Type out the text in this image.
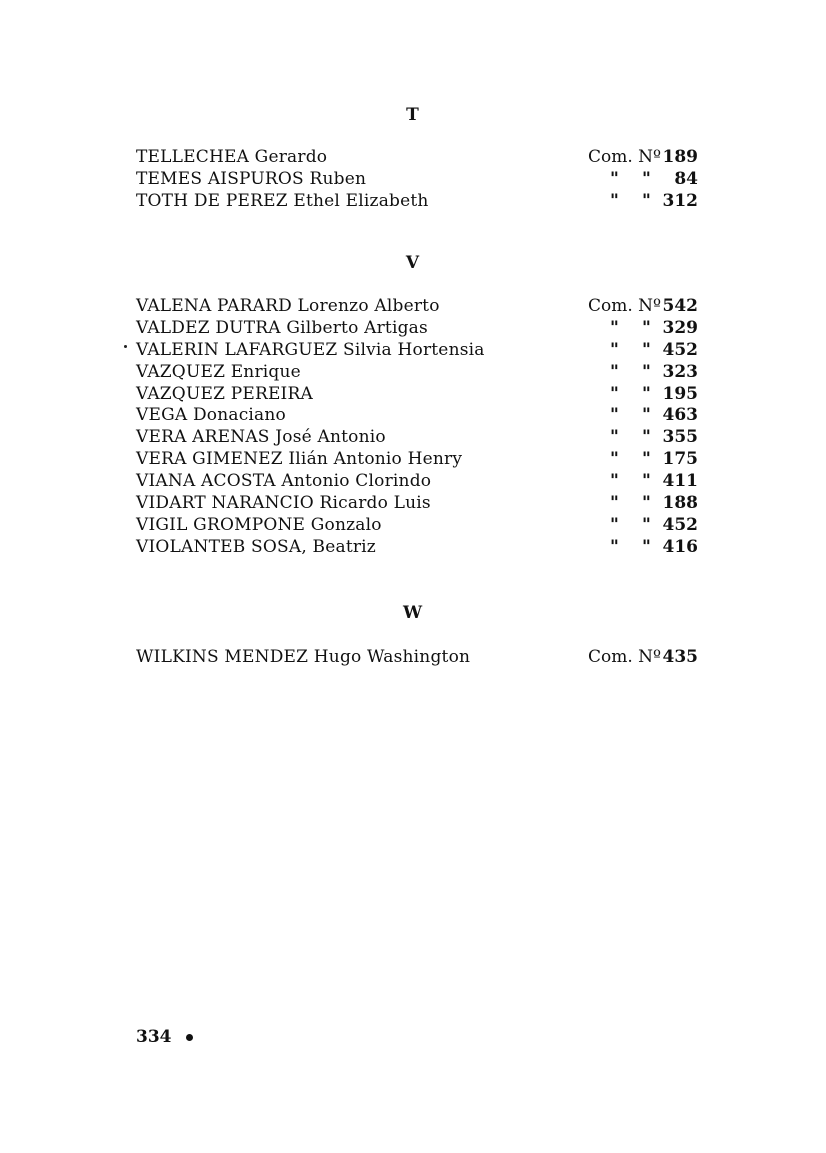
T
TELLECHEA Gerardo	Com. Nº 189
TEMES AISPUROS Ruben	" " 84
TOTH DE PEREZ Ethel Elizabeth	" " 312
V
VALENA PARARD Lorenzo Alberto	Com. Nº 542
VALDEZ DUTRA Gilberto Artigas	" " 329
VALERIN LAFARGUEZ Silvia Hortensia	" " 452
VAZQUEZ Enrique	" " 323
VAZQUEZ PEREIRA	" " 195
VEGA Donaciano	" " 463
VERA ARENAS José Antonio	" " 355
VERA GIMENEZ Ilián Antonio Henry	" " 175
VIANA ACOSTA Antonio Clorindo	" " 411
VIDART NARANCIO Ricardo Luis	" " 188
VIGIL GROMPONE Gonzalo	" " 452
VIOLANTEB SOSA, Beatriz	" " 416
W
WILKINS MENDEZ Hugo Washington	Com. Nº 435
334
